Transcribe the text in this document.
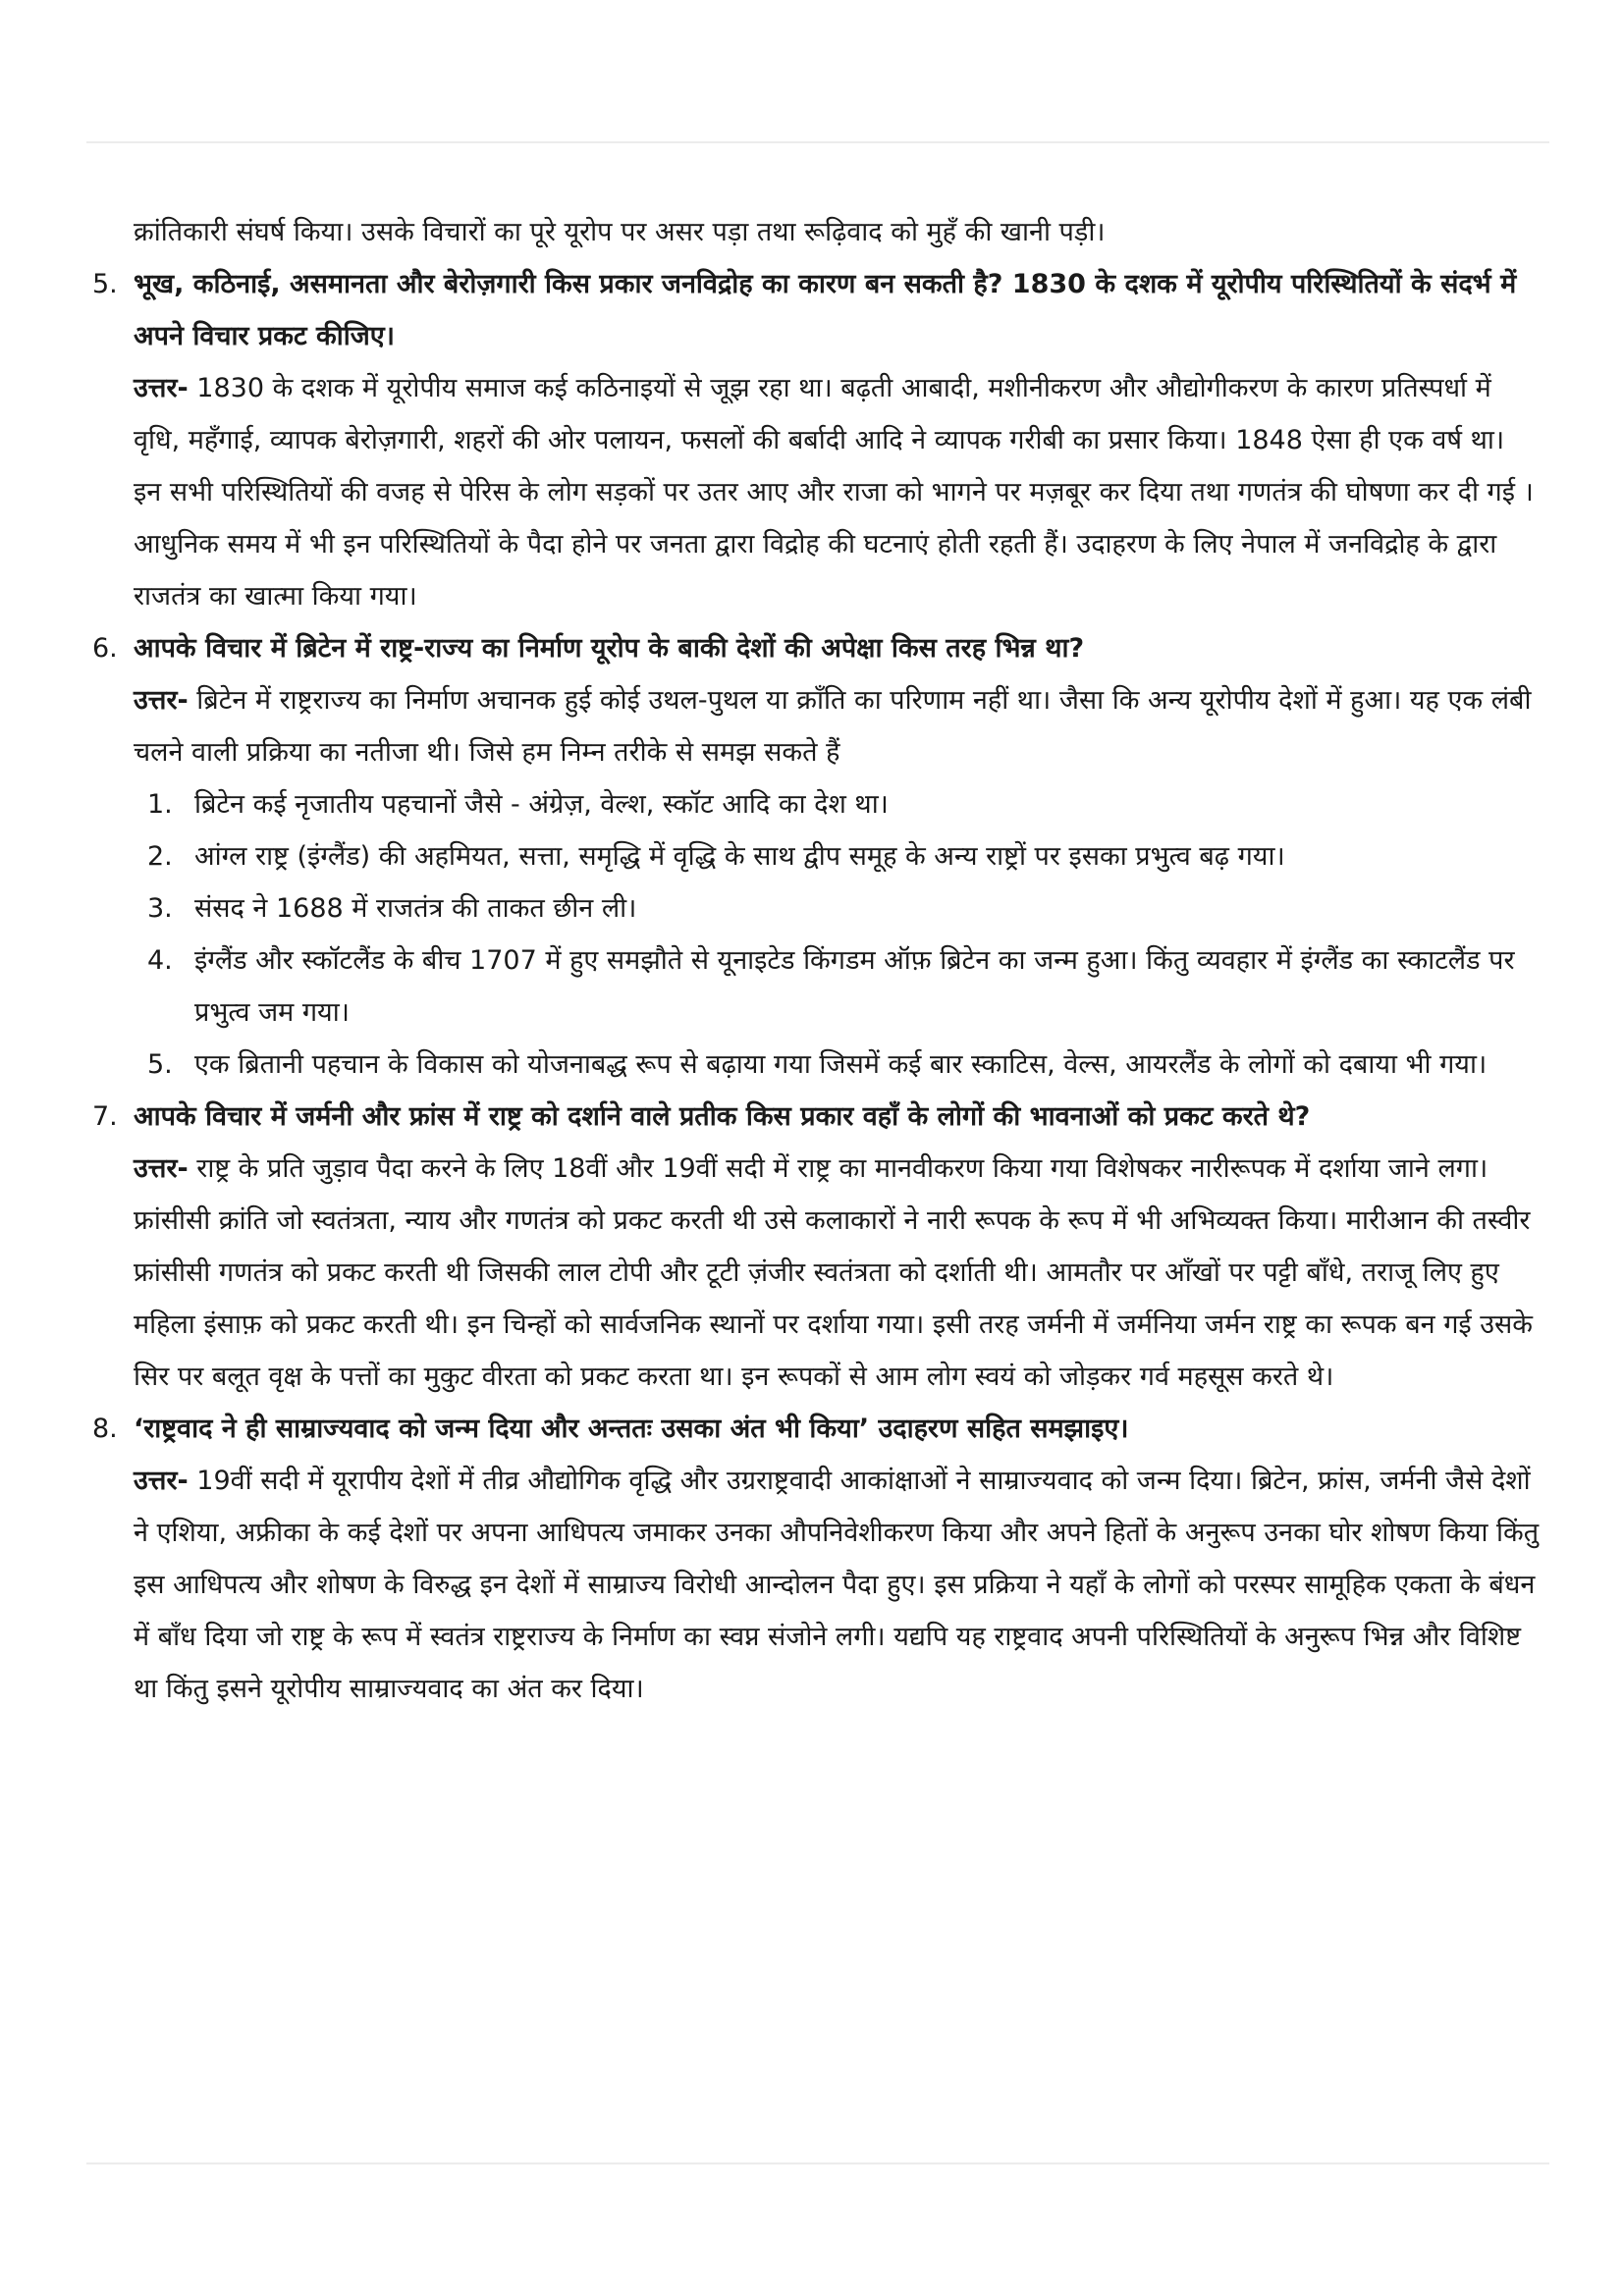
क्रांतिकारी संघर्ष किया। उसके विचारों का पूरे यूरोप पर असर पड़ा तथा रूढ़िवाद को मुहँ की खानी पड़ी।

5. भूख, कठिनाई, असमानता और बेरोज़गारी किस प्रकार जनविद्रोह का कारण बन सकती है? 1830 के दशक में यूरोपीय परिस्थितियों के संदर्भ में अपने विचार प्रकट कीजिए।

उत्तर- 1830 के दशक में यूरोपीय समाज कई कठिनाइयों से जूझ रहा था। बढ़ती आबादी, मशीनीकरण और औद्योगीकरण के कारण प्रतिस्पर्धा में वृधि, महँगाई, व्यापक बेरोज़गारी, शहरों की ओर पलायन, फसलों की बर्बादी आदि ने व्यापक गरीबी का प्रसार किया। 1848 ऐसा ही एक वर्ष था।

इन सभी परिस्थितियों की वजह से पेरिस के लोग सड़कों पर उतर आए और राजा को भागने पर मज़बूर कर दिया तथा गणतंत्र की घोषणा कर दी गई । आधुनिक समय में भी इन परिस्थितियों के पैदा होने पर जनता द्वारा विद्रोह की घटनाएं होती रहती हैं। उदाहरण के लिए नेपाल में जनविद्रोह के द्वारा राजतंत्र का खात्मा किया गया।

6. आपके विचार में ब्रिटेन में राष्ट्र-राज्य का निर्माण यूरोप के बाकी देशों की अपेक्षा किस तरह भिन्न था?

उत्तर- ब्रिटेन में राष्ट्रराज्य का निर्माण अचानक हुई कोई उथल-पुथल या क्राँति का परिणाम नहीं था। जैसा कि अन्य यूरोपीय देशों में हुआ। यह एक लंबी चलने वाली प्रक्रिया का नतीजा थी। जिसे हम निम्न तरीके से समझ सकते हैं

1. ब्रिटेन कई नृजातीय पहचानों जैसे - अंग्रेज़, वेल्श, स्कॉट आदि का देश था।

2. आंग्ल राष्ट्र (इंग्लैंड) की अहमियत, सत्ता, समृद्धि में वृद्धि के साथ द्वीप समूह के अन्य राष्ट्रों पर इसका प्रभुत्व बढ़ गया।

3. संसद ने 1688 में राजतंत्र की ताकत छीन ली।

4. इंग्लैंड और स्कॉटलैंड के बीच 1707 में हुए समझौते से यूनाइटेड किंगडम ऑफ़ ब्रिटेन का जन्म हुआ। किंतु व्यवहार में इंग्लैंड का स्काटलैंड पर प्रभुत्व जम गया।

5. एक ब्रितानी पहचान के विकास को योजनाबद्ध रूप से बढ़ाया गया जिसमें कई बार स्काटिस, वेल्स, आयरलैंड के लोगों को दबाया भी गया।

7. आपके विचार में जर्मनी और फ्रांस में राष्ट्र को दर्शाने वाले प्रतीक किस प्रकार वहाँ के लोगों की भावनाओं को प्रकट करते थे?

उत्तर- राष्ट्र के प्रति जुड़ाव पैदा करने के लिए 18वीं और 19वीं सदी में राष्ट्र का मानवीकरण किया गया विशेषकर नारीरूपक में दर्शाया जाने लगा। फ्रांसीसी क्रांति जो स्वतंत्रता, न्याय और गणतंत्र को प्रकट करती थी उसे कलाकारों ने नारी रूपक के रूप में भी अभिव्यक्त किया। मारीआन की तस्वीर फ्रांसीसी गणतंत्र को प्रकट करती थी जिसकी लाल टोपी और टूटी ज़ंजीर स्वतंत्रता को दर्शाती थी। आमतौर पर आँखों पर पट्टी बाँधे, तराजू लिए हुए महिला इंसाफ़ को प्रकट करती थी। इन चिन्हों को सार्वजनिक स्थानों पर दर्शाया गया। इसी तरह जर्मनी में जर्मनिया जर्मन राष्ट्र का रूपक बन गई उसके सिर पर बलूत वृक्ष के पत्तों का मुकुट वीरता को प्रकट करता था। इन रूपकों से आम लोग स्वयं को जोड़कर गर्व महसूस करते थे।

8. ‘राष्ट्रवाद ने ही साम्राज्यवाद को जन्म दिया और अन्ततः उसका अंत भी किया’ उदाहरण सहित समझाइए।

उत्तर- 19वीं सदी में यूरापीय देशों में तीव्र औद्योगिक वृद्धि और उग्रराष्ट्रवादी आकांक्षाओं ने साम्राज्यवाद को जन्म दिया। ब्रिटेन, फ्रांस, जर्मनी जैसे देशों ने एशिया, अफ्रीका के कई देशों पर अपना आधिपत्य जमाकर उनका औपनिवेशीकरण किया और अपने हितों के अनुरूप उनका घोर शोषण किया किंतु इस आधिपत्य और शोषण के विरुद्ध इन देशों में साम्राज्य विरोधी आन्दोलन पैदा हुए। इस प्रक्रिया ने यहाँ के लोगों को परस्पर सामूहिक एकता के बंधन में बाँध दिया जो राष्ट्र के रूप में स्वतंत्र राष्ट्रराज्य के निर्माण का स्वप्न संजोने लगी। यद्यपि यह राष्ट्रवाद अपनी परिस्थितियों के अनुरूप भिन्न और विशिष्ट था किंतु इसने यूरोपीय साम्राज्यवाद का अंत कर दिया।
